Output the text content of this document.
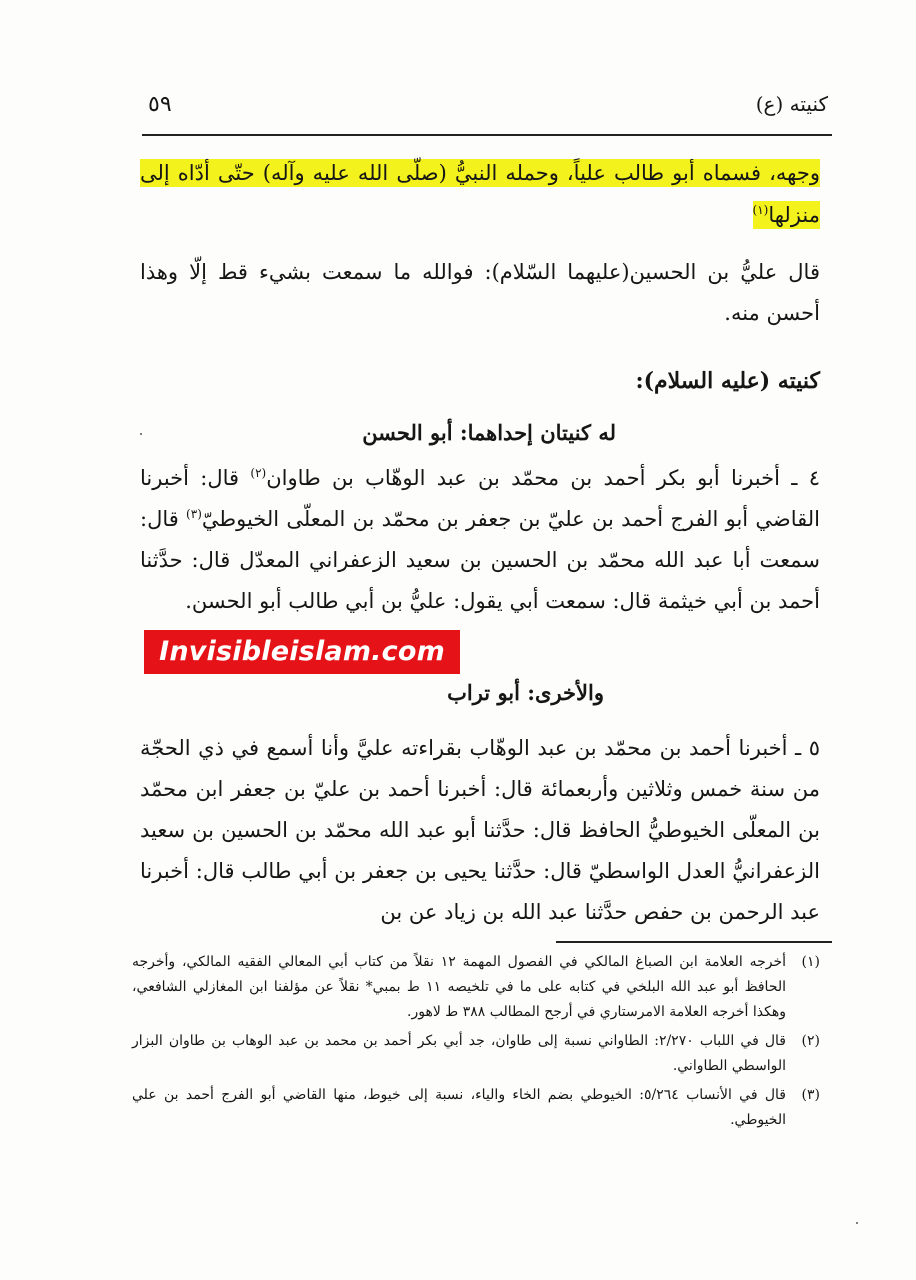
٥٩	كنيته (ع)
وجهه، فسماه أبو طالب علياً، وحمله النبيُّ (صلّى الله عليه وآله) حتّى أدّاه إلى منزلها$^{(١)}$
قال عليُّ بن الحسين(عليهما السّلام): فوالله ما سمعت بشيء قط إلّا وهذا أحسن منه.
كنيته (عليه السلام):
له كنيتان إحداهما: أبو الحسن
٤ ـ أخبرنا أبو بكر أحمد بن محمّد بن عبد الوهّاب بن طاوان$^{(٢)}$ قال: أخبرنا القاضي أبو الفرج أحمد بن عليّ بن جعفر بن محمّد بن المعلّى الخيوطيّ$^{(٣)}$ قال: سمعت أبا عبد الله محمّد بن الحسين بن سعيد الزعفراني المعدّل قال: حدَّثنا أحمد بن أبي خيثمة قال: سمعت أبي يقول: عليُّ بن أبي طالب أبو الحسن.
Invisibleislam.com
والأخرى: أبو تراب
٥ ـ أخبرنا أحمد بن محمّد بن عبد الوهّاب بقراءته عليَّ وأنا أسمع في ذي الحجّة من سنة خمس وثلاثين وأربعمائة قال: أخبرنا أحمد بن عليّ بن جعفر ابن محمّد بن المعلّى الخيوطيُّ الحافظ قال: حدَّثنا أبو عبد الله محمّد بن الحسين بن سعيد الزعفرانيُّ العدل الواسطيّ قال: حدَّثنا يحيى بن جعفر بن أبي طالب قال: أخبرنا عبد الرحمن بن حفص حدَّثنا عبد الله بن زياد عن بن
(١)
أخرجه العلامة ابن الصباغ المالكي في الفصول المهمة ١٢ نقلاً من كتاب أبي المعالي الفقيه المالكي، وأخرجه الحافظ أبو عبد الله البلخي في كتابه على ما في تلخيصه ١١ ط بمبي* نقلاً عن مؤلفنا ابن المغازلي الشافعي، وهكذا أخرجه العلامة الامرستاري في أرجح المطالب ٣٨٨ ط لاهور.
(٢)
قال في اللباب ٢/٢٧٠: الطاواني نسبة إلى طاوان، جد أبي بكر أحمد بن محمد بن عبد الوهاب بن طاوان البزار الواسطي الطاواني.
(٣)
قال في الأنساب ٥/٢٦٤: الخيوطي بضم الخاء والياء، نسبة إلى خيوط، منها القاضي أبو الفرج أحمد بن علي الخيوطي.
